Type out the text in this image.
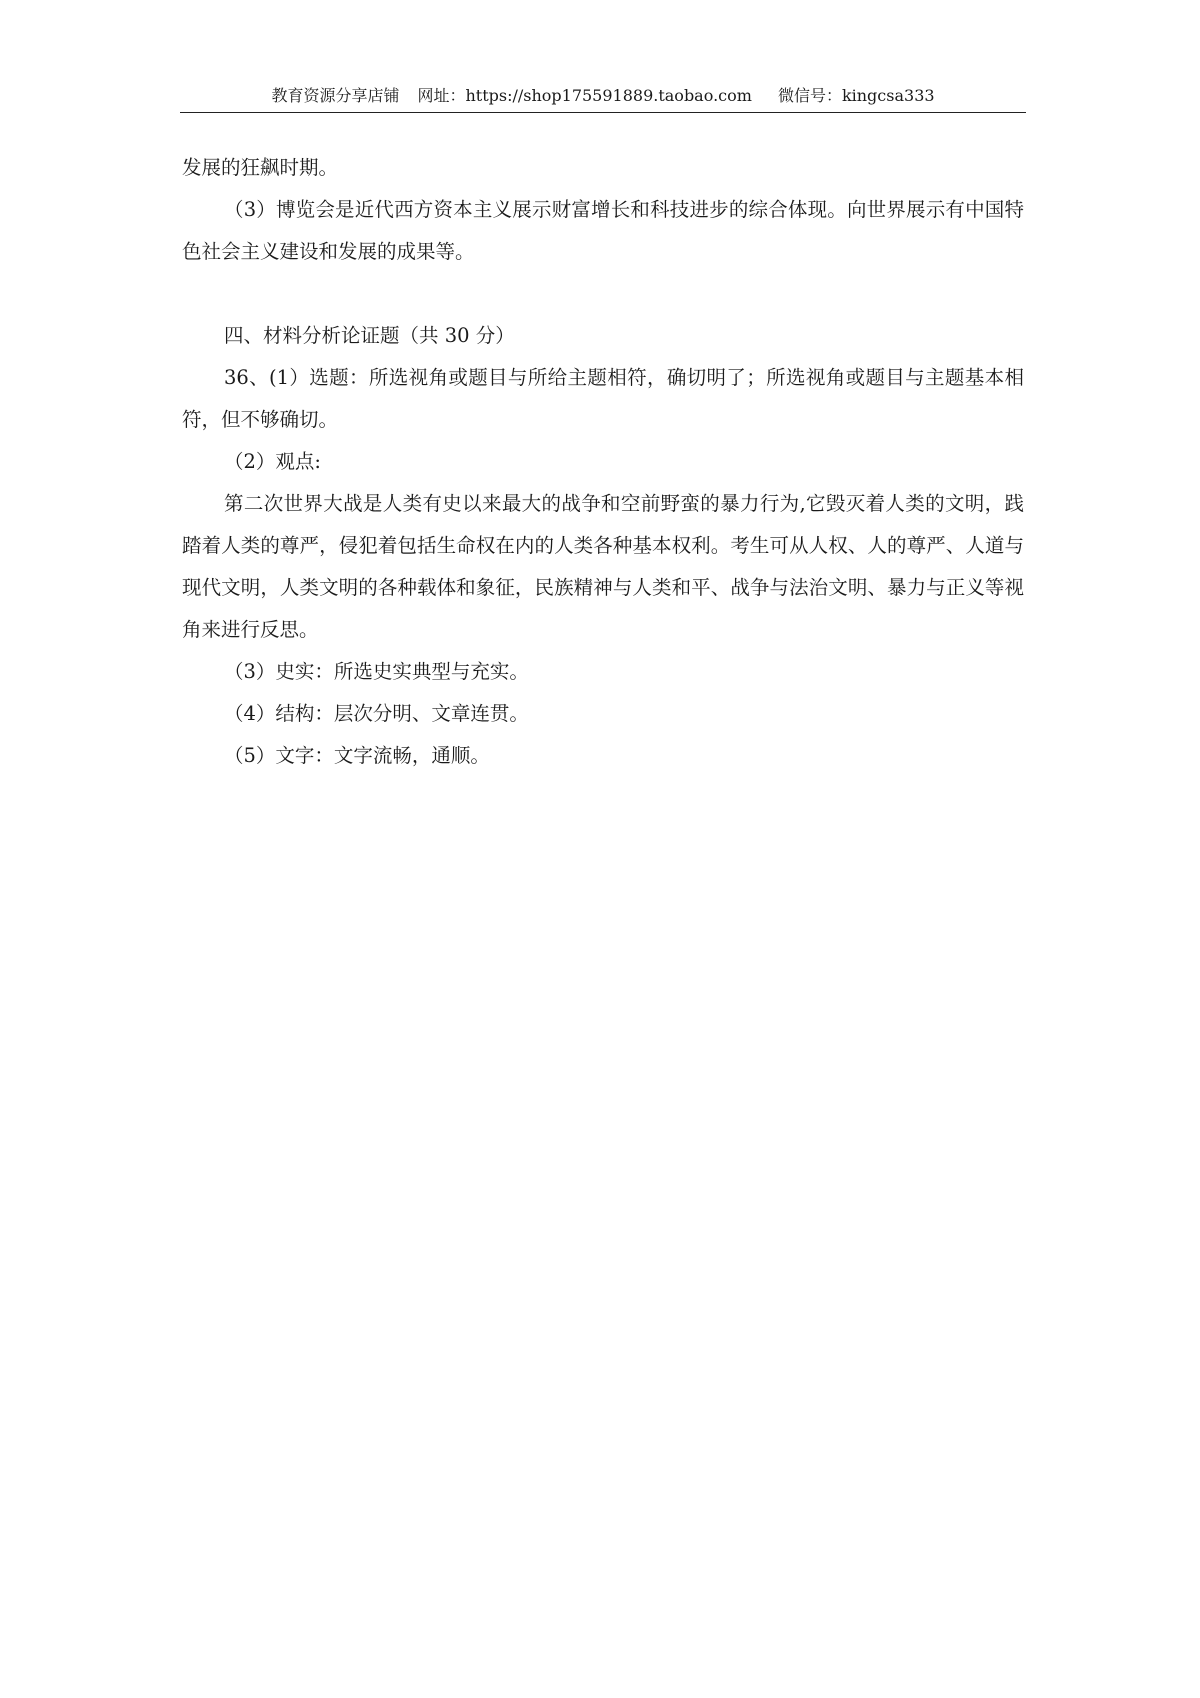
教育资源分享店铺 网址：https://shop175591889.taobao.com 微信号：kingcsa333

发展的狂飙时期。

（3）博览会是近代西方资本主义展示财富增长和科技进步的综合体现。向世界展示有中国特色社会主义建设和发展的成果等。

四、材料分析论证题（共 30 分）

36、(1）选题：所选视角或题目与所给主题相符，确切明了；所选视角或题目与主题基本相符，但不够确切。

（2）观点:

第二次世界大战是人类有史以来最大的战争和空前野蛮的暴力行为,它毁灭着人类的文明，践踏着人类的尊严，侵犯着包括生命权在内的人类各种基本权利。考生可从人权、人的尊严、人道与现代文明，人类文明的各种载体和象征，民族精神与人类和平、战争与法治文明、暴力与正义等视角来进行反思。

（3）史实：所选史实典型与充实。

（4）结构：层次分明、文章连贯。

（5）文字：文字流畅，通顺。
